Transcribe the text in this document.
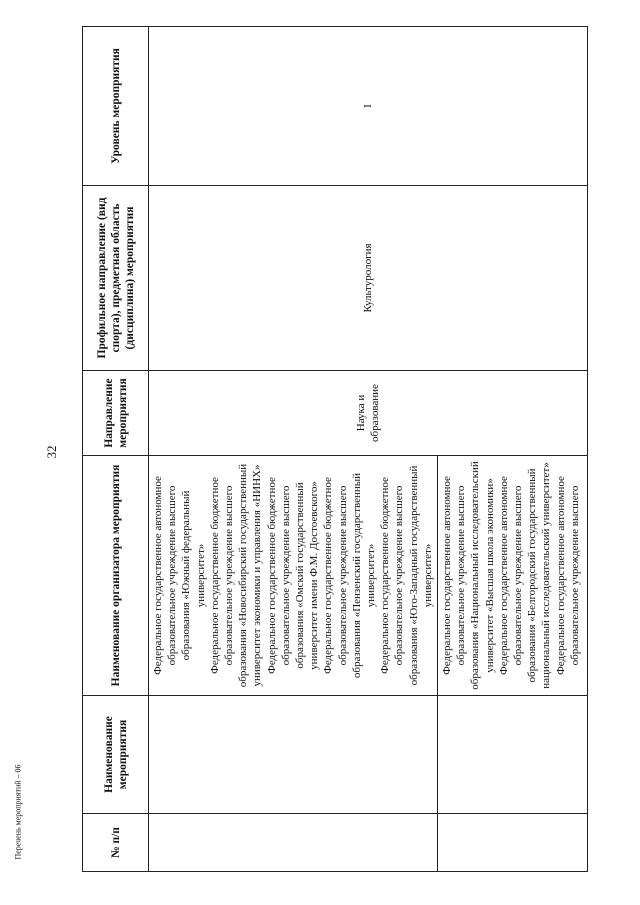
32
Перечень мероприятий – 06	№ п/п	Наименование мероприятия	Наименование организатора мероприятия	Направление мероприятия	Профильное направление (вид спорта), предметная область (дисциплина) мероприятия	Уровень мероприятия

		Федеральное государственное автономное образовательное учреждение высшего образования «Южный федеральный университет» Федеральное государственное бюджетное образовательное учреждение высшего образования «Новосибирский государственный университет экономики и управления «НИНХ» Федеральное государственное бюджетное образовательное учреждение высшего образования «Омский государственный университет имени Ф.М. Достоевского» Федеральное государственное бюджетное образовательное учреждение высшего образования «Пензенский государственный университет» Федеральное государственное бюджетное образовательное учреждение высшего образования «Юго-Западный государственный университет»	Наука и образование	Культурология	I

		Федеральное государственное автономное образовательное учреждение высшего образования «Национальный исследовательский университет «Высшая школа экономики» Федеральное государственное автономное образовательное учреждение высшего образования «Белгородский государственный национальный исследовательский университет» Федеральное государственное автономное образовательное учреждение высшего			
